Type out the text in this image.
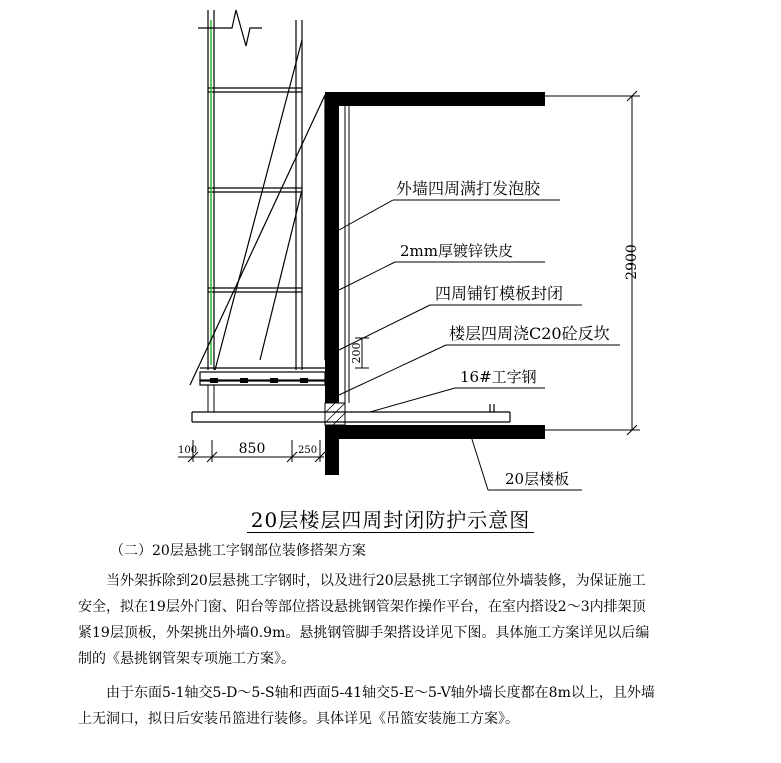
2900
200
100	850	250
外墙四周满打发泡胶
2mm厚镀锌铁皮
四周铺钉模板封闭
楼层四周浇C20砼反坎
16#工字钢
20层楼板
20层楼层四周封闭防护示意图
（二）20层悬挑工字钢部位装修搭架方案
当外架拆除到20层悬挑工字钢时，以及进行20层悬挑工字钢部位外墙装修，为保证施工
安全，拟在19层外门窗、阳台等部位搭设悬挑钢管架作操作平台，在室内搭设2～3内排架顶
紧19层顶板，外架挑出外墙0.9m。悬挑钢管脚手架搭设详见下图。具体施工方案详见以后编
制的《悬挑钢管架专项施工方案》。
由于东面5-1轴交5-D～5-S轴和西面5-41轴交5-E～5-V轴外墙长度都在8m以上，且外墙
上无洞口，拟日后安装吊篮进行装修。具体详见《吊篮安装施工方案》。
